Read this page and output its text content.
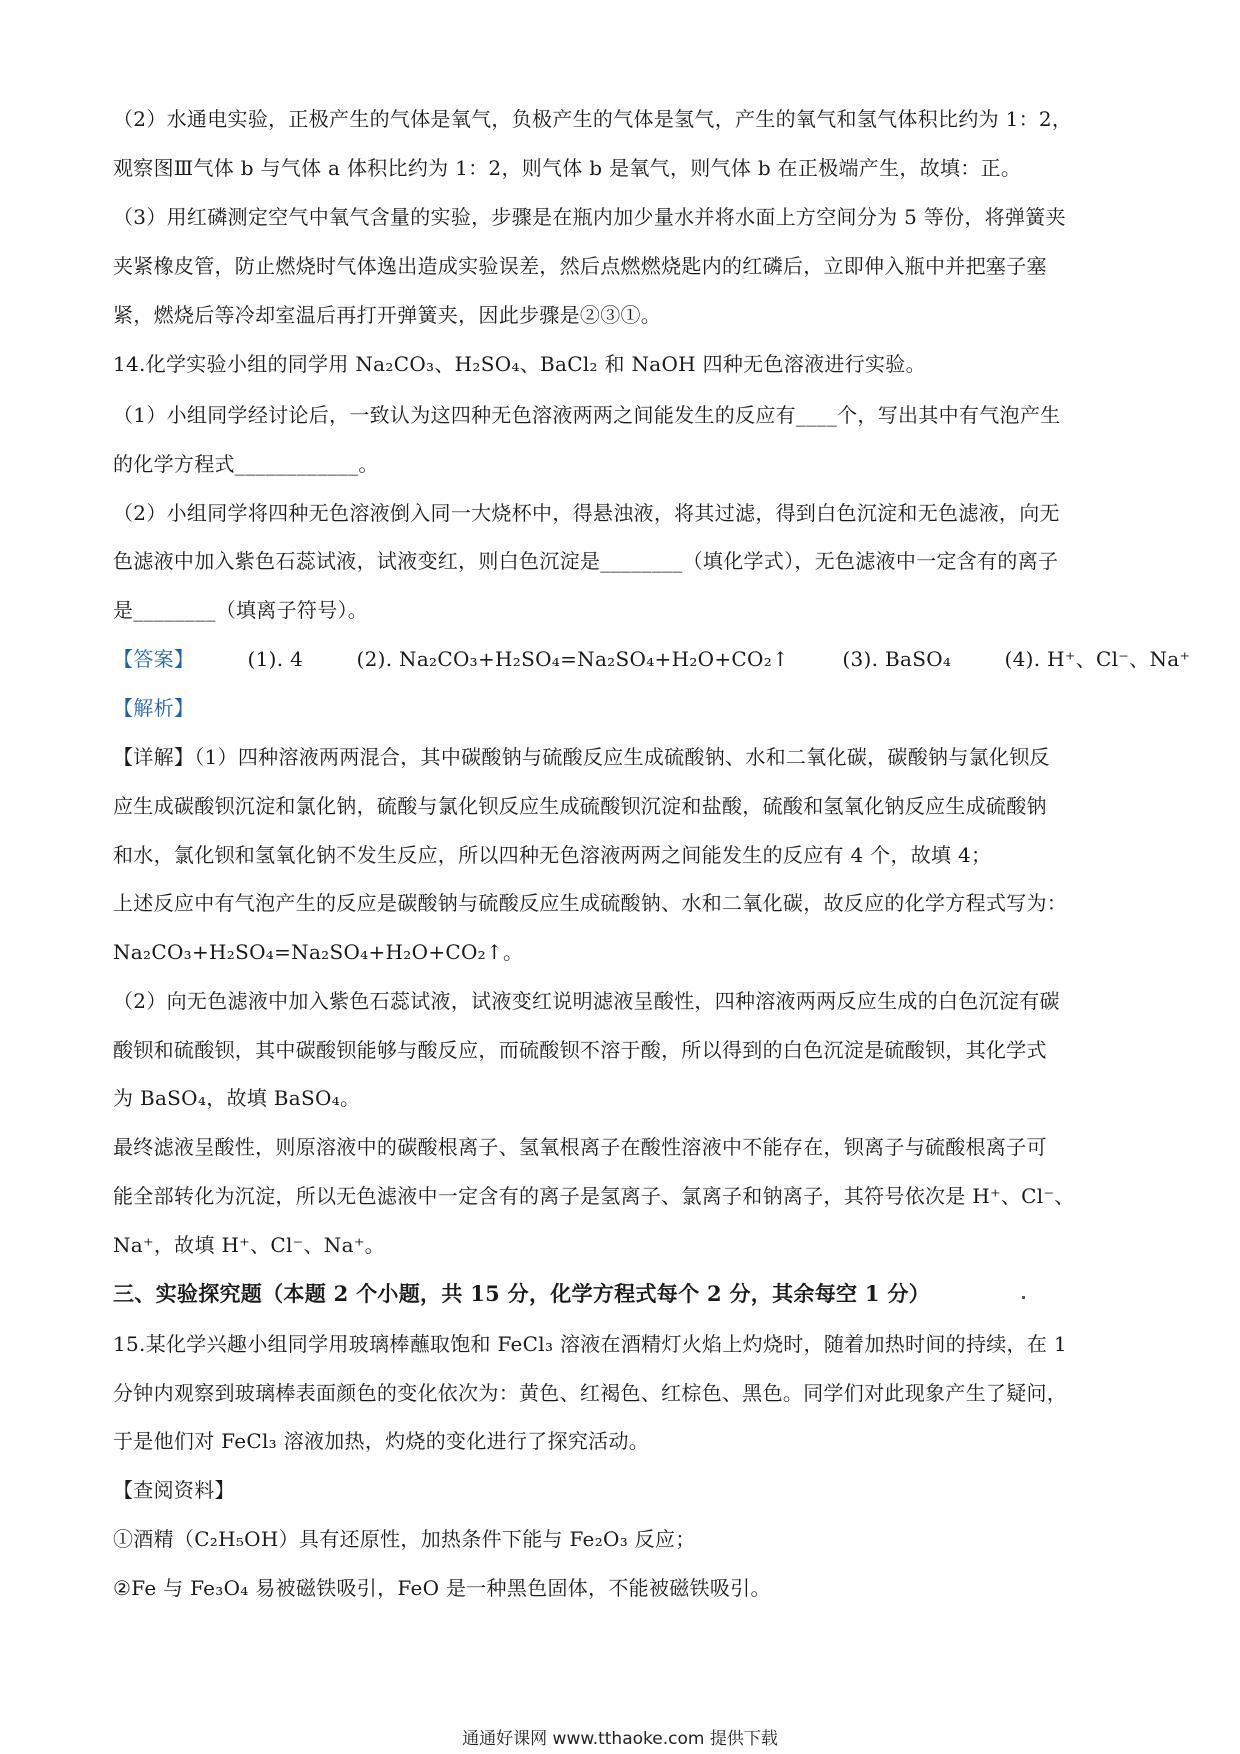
（2）水通电实验，正极产生的气体是氧气，负极产生的气体是氢气，产生的氧气和氢气体积比约为 1：2，
观察图Ⅲ气体 b 与气体 a 体积比约为 1：2，则气体 b 是氧气，则气体 b 在正极端产生，故填：正。
（3）用红磷测定空气中氧气含量的实验，步骤是在瓶内加少量水并将水面上方空间分为 5 等份，将弹簧夹
夹紧橡皮管，防止燃烧时气体逸出造成实验误差，然后点燃燃烧匙内的红磷后，立即伸入瓶中并把塞子塞
紧，燃烧后等冷却室温后再打开弹簧夹，因此步骤是②③①。
14.化学实验小组的同学用 Na₂CO₃、H₂SO₄、BaCl₂ 和 NaOH 四种无色溶液进行实验。
（1）小组同学经讨论后，一致认为这四种无色溶液两两之间能发生的反应有____个，写出其中有气泡产生
的化学方程式____________。
（2）小组同学将四种无色溶液倒入同一大烧杯中，得悬浊液，将其过滤，得到白色沉淀和无色滤液，向无
色滤液中加入紫色石蕊试液，试液变红，则白色沉淀是________（填化学式），无色滤液中一定含有的离子
是________（填离子符号）。
【答案】	(1). 4	(2). Na₂CO₃+H₂SO₄=Na₂SO₄+H₂O+CO₂↑	(3). BaSO₄	(4). H⁺、Cl⁻、Na⁺
【解析】
【详解】（1）四种溶液两两混合，其中碳酸钠与硫酸反应生成硫酸钠、水和二氧化碳，碳酸钠与氯化钡反
应生成碳酸钡沉淀和氯化钠，硫酸与氯化钡反应生成硫酸钡沉淀和盐酸，硫酸和氢氧化钠反应生成硫酸钠
和水，氯化钡和氢氧化钠不发生反应，所以四种无色溶液两两之间能发生的反应有 4 个，故填 4；
上述反应中有气泡产生的反应是碳酸钠与硫酸反应生成硫酸钠、水和二氧化碳，故反应的化学方程式写为：
Na₂CO₃+H₂SO₄=Na₂SO₄+H₂O+CO₂↑。
（2）向无色滤液中加入紫色石蕊试液，试液变红说明滤液呈酸性，四种溶液两两反应生成的白色沉淀有碳
酸钡和硫酸钡，其中碳酸钡能够与酸反应，而硫酸钡不溶于酸，所以得到的白色沉淀是硫酸钡，其化学式
为 BaSO₄，故填 BaSO₄。
最终滤液呈酸性，则原溶液中的碳酸根离子、氢氧根离子在酸性溶液中不能存在，钡离子与硫酸根离子可
能全部转化为沉淀，所以无色滤液中一定含有的离子是氢离子、氯离子和钠离子，其符号依次是 H⁺、Cl⁻、
Na⁺，故填 H⁺、Cl⁻、Na⁺。
三、实验探究题（本题 2 个小题，共 15 分，化学方程式每个 2 分，其余每空 1 分）
15.某化学兴趣小组同学用玻璃棒蘸取饱和 FeCl₃ 溶液在酒精灯火焰上灼烧时，随着加热时间的持续，在 1
分钟内观察到玻璃棒表面颜色的变化依次为：黄色、红褐色、红棕色、黑色。同学们对此现象产生了疑问，
于是他们对 FeCl₃ 溶液加热，灼烧的变化进行了探究活动。
【查阅资料】
①酒精（C₂H₅OH）具有还原性，加热条件下能与 Fe₂O₃ 反应；
②Fe 与 Fe₃O₄ 易被磁铁吸引，FeO 是一种黑色固体，不能被磁铁吸引。
通通好课网 www.tthaoke.com 提供下载
